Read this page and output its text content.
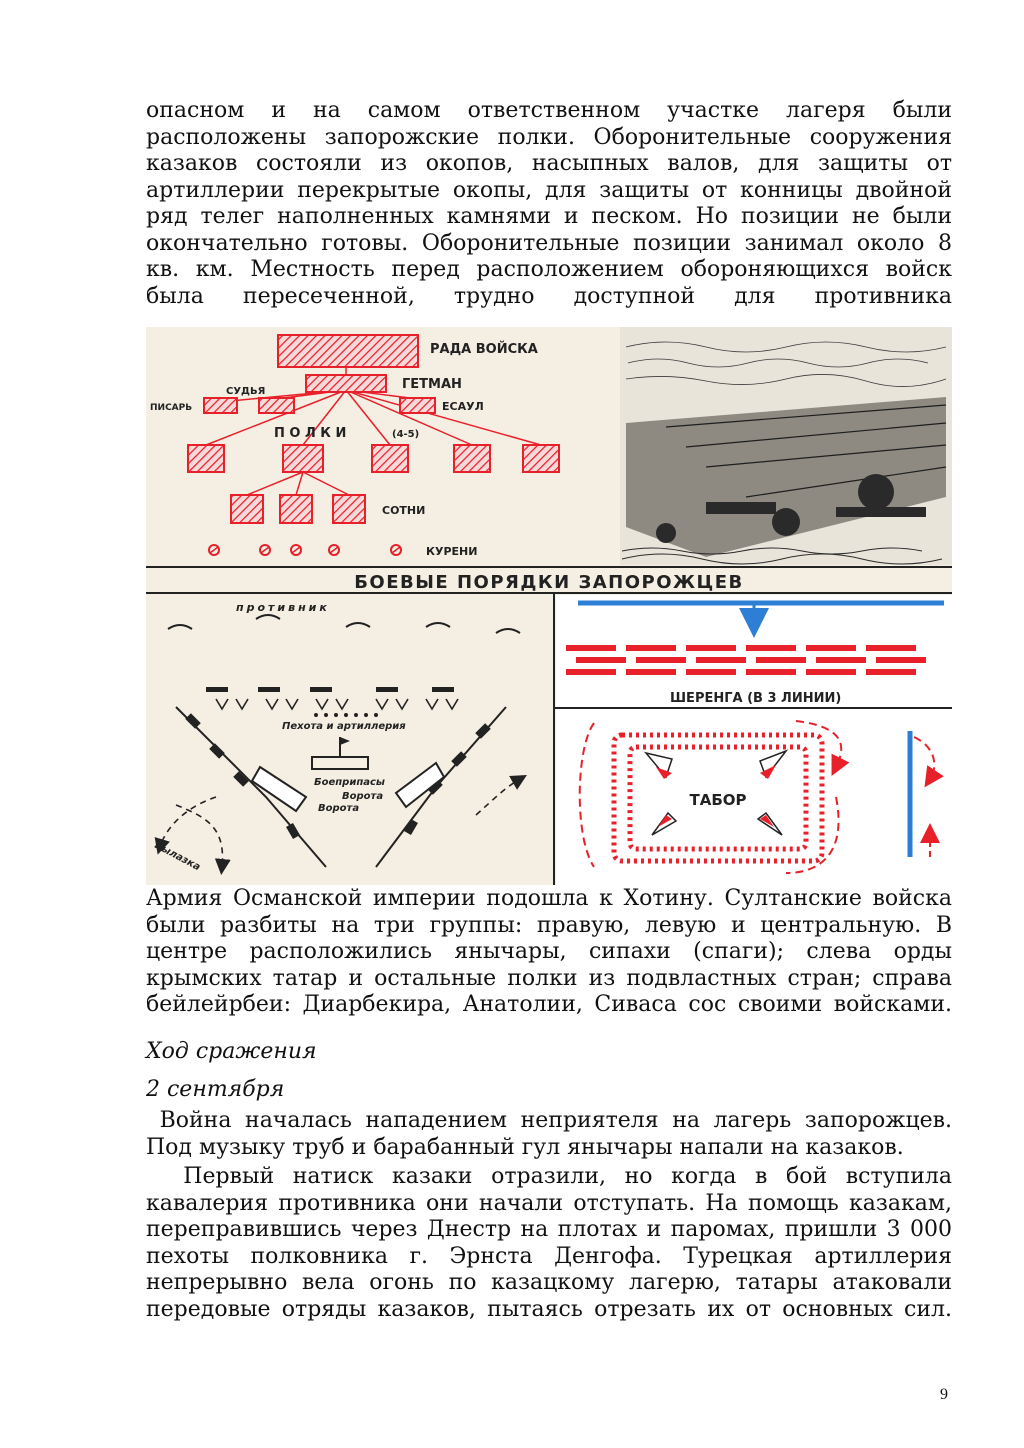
опасном и на самом ответственном участке лагеря были расположены запорожские полки. Оборонительные сооружения казаков состояли из окопов, насыпных валов, для защиты от артиллерии перекрытые окопы, для защиты от конницы двойной ряд телег наполненных камнями и песком. Но позиции не были окончательно готовы. Оборонительные позиции занимал около 8 кв. км. Местность перед расположением обороняющихся войск была пересеченной, трудно доступной для противника

РАДА ВОЙСКА
ГЕТМАН
СУДЬЯ
ПИСАРЬ	ЕСАУЛ
П О Л К И	(4-5)
СОТНИ
КУРЕНИ
БОЕВЫЕ ПОРЯДКИ ЗАПОРОЖЦЕВ
противник
Пехота и артиллерия
Боеприпасы
Ворота
Ворота
Вылазка
ШЕРЕНГА (В 3 ЛИНИИ)
ТАБОР

Армия Османской империи подошла к Хотину. Султанские войска были разбиты на три группы: правую, левую и центральную. В центре расположились янычары, сипахи (спаги); слева орды крымских татар и остальные полки из подвластных стран; справа бейлейрбеи: Диарбекира, Анатолии, Сиваса сос своими войсками.

Ход сражения

2 сентября

Война началась нападением неприятеля на лагерь запорожцев. Под музыку труб и барабанный гул янычары напали на казаков.

Первый натиск казаки отразили, но когда в бой вступила кавалерия противника они начали отступать. На помощь казакам, переправившись через Днестр на плотах и паромах, пришли 3 000 пехоты полковника г. Эрнста Денгофа. Турецкая артиллерия непрерывно вела огонь по казацкому лагерю, татары атаковали передовые отряды казаков, пытаясь отрезать их от основных сил.

9
